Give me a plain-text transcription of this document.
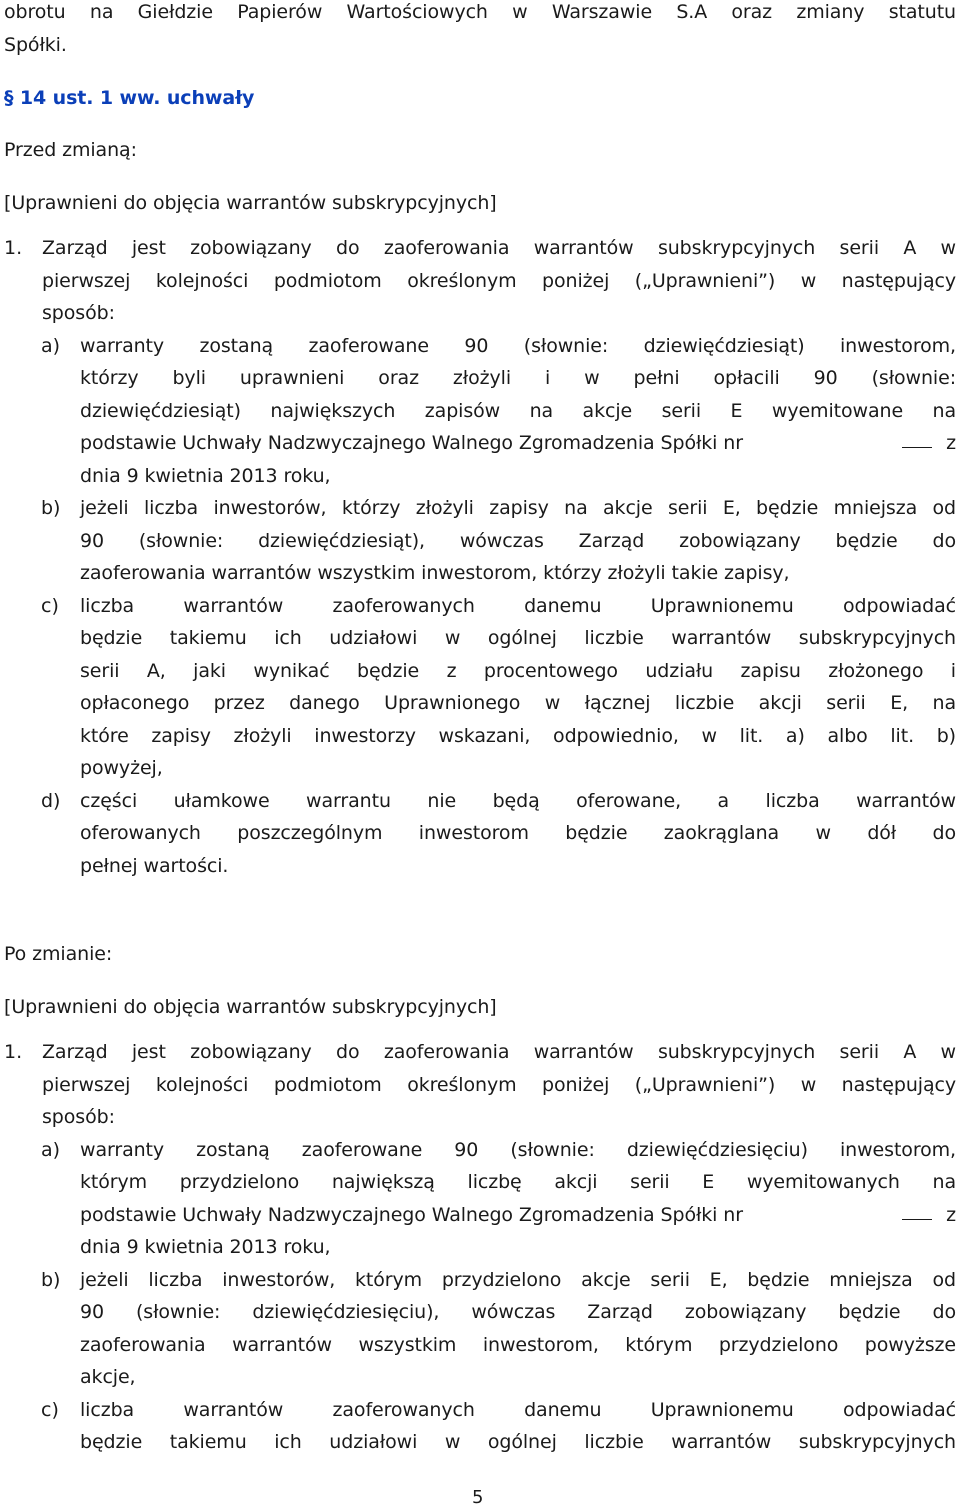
obrotu na Giełdzie Papierów Wartościowych w Warszawie S.A oraz zmiany statutu
Spółki.
§ 14 ust. 1 ww. uchwały
Przed zmianą:
[Uprawnieni do objęcia warrantów subskrypcyjnych]
1. Zarząd jest zobowiązany do zaoferowania warrantów subskrypcyjnych serii A w
pierwszej kolejności podmiotom określonym poniżej („Uprawnieni”) w następujący
sposób:
a) warranty zostaną zaoferowane 90 (słownie: dziewięćdziesiąt) inwestorom,
którzy byli uprawnieni oraz złożyli i w pełni opłacili 90 (słownie:
dziewięćdziesiąt) największych zapisów na akcje serii E wyemitowane na
podstawie Uchwały Nadzwyczajnego Walnego Zgromadzenia Spółki nr	z
dnia 9 kwietnia 2013 roku,
b) jeżeli liczba inwestorów, którzy złożyli zapisy na akcje serii E, będzie mniejsza od
90 (słownie: dziewięćdziesiąt), wówczas Zarząd zobowiązany będzie do
zaoferowania warrantów wszystkim inwestorom, którzy złożyli takie zapisy,
c) liczba warrantów zaoferowanych danemu Uprawnionemu odpowiadać
będzie takiemu ich udziałowi w ogólnej liczbie warrantów subskrypcyjnych
serii A, jaki wynikać będzie z procentowego udziału zapisu złożonego i
opłaconego przez danego Uprawnionego w łącznej liczbie akcji serii E, na
które zapisy złożyli inwestorzy wskazani, odpowiednio, w lit. a) albo lit. b)
powyżej,
d) części ułamkowe warrantu nie będą oferowane, a liczba warrantów
oferowanych poszczególnym inwestorom będzie zaokrąglana w dół do
pełnej wartości.
Po zmianie:
[Uprawnieni do objęcia warrantów subskrypcyjnych]
1. Zarząd jest zobowiązany do zaoferowania warrantów subskrypcyjnych serii A w
pierwszej kolejności podmiotom określonym poniżej („Uprawnieni”) w następujący
sposób:
a) warranty zostaną zaoferowane 90 (słownie: dziewięćdziesięciu) inwestorom,
którym przydzielono największą liczbę akcji serii E wyemitowanych na
podstawie Uchwały Nadzwyczajnego Walnego Zgromadzenia Spółki nr	z
dnia 9 kwietnia 2013 roku,
b) jeżeli liczba inwestorów, którym przydzielono akcje serii E, będzie mniejsza od
90 (słownie: dziewięćdziesięciu), wówczas Zarząd zobowiązany będzie do
zaoferowania warrantów wszystkim inwestorom, którym przydzielono powyższe
akcje,
c) liczba warrantów zaoferowanych danemu Uprawnionemu odpowiadać
będzie takiemu ich udziałowi w ogólnej liczbie warrantów subskrypcyjnych
5
